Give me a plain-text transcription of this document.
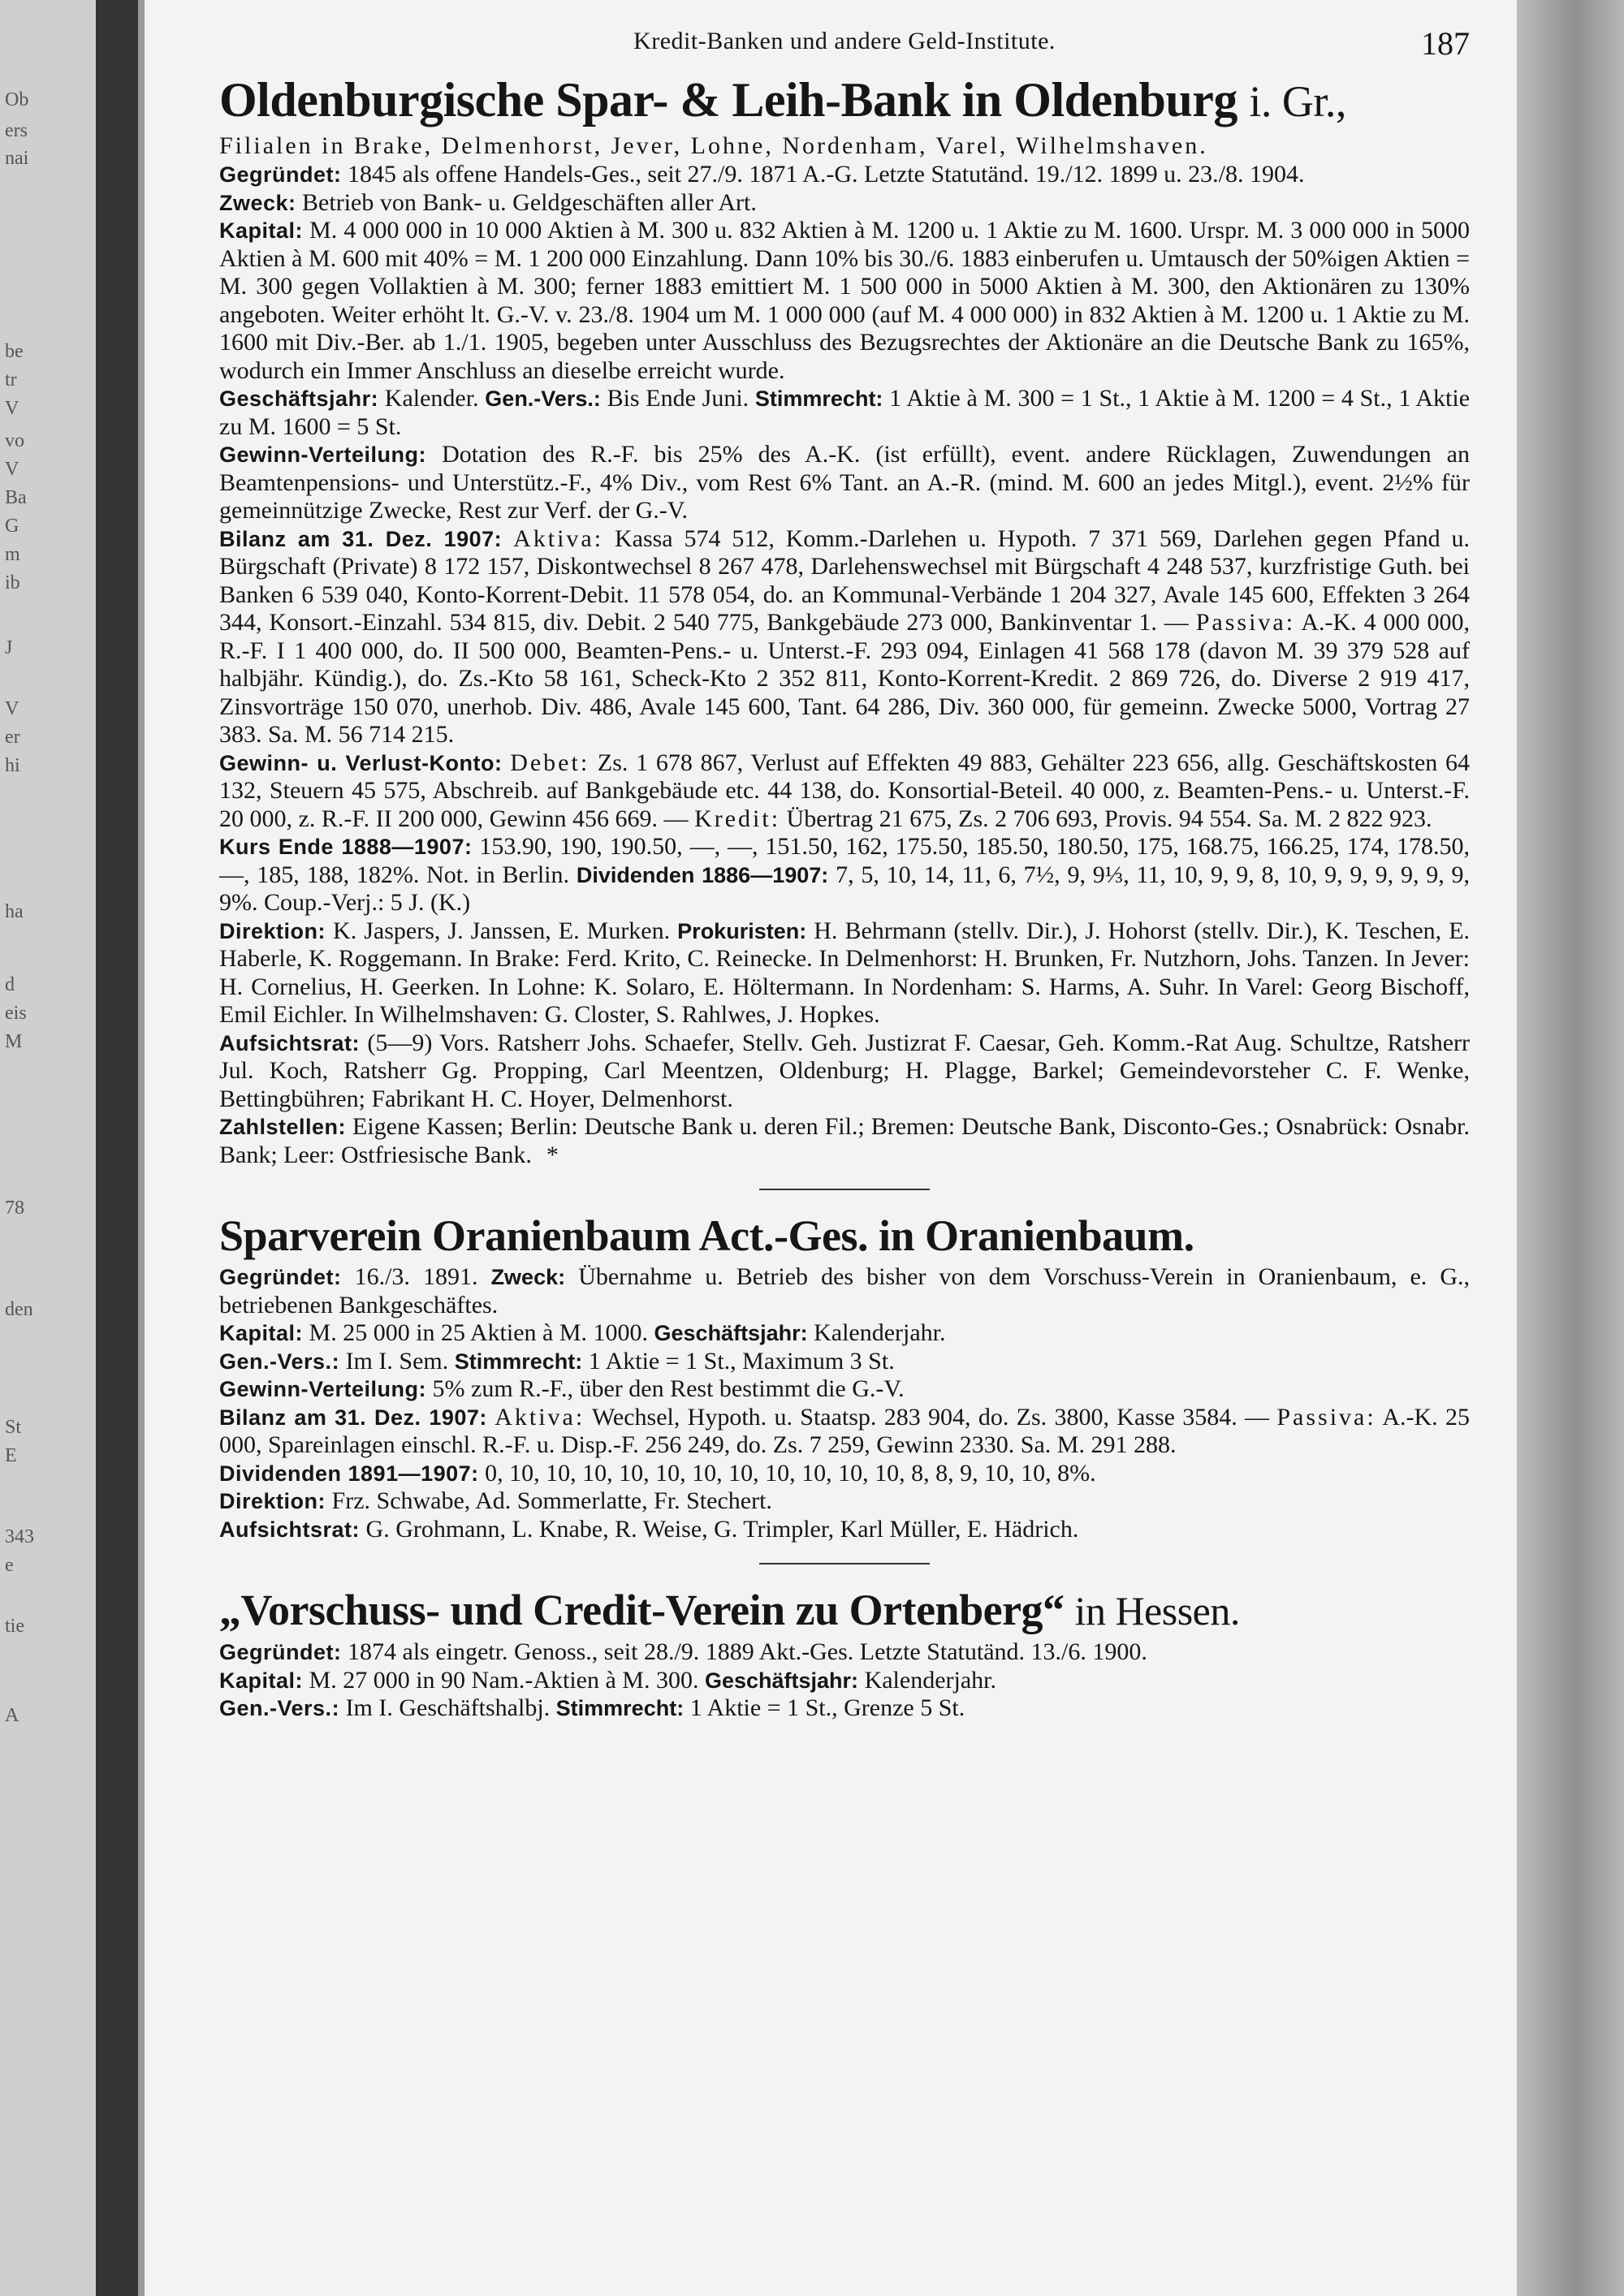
Ob
ers
nai
be
tr
V
vo
V
Ba
G
m
ib
J
V
er
hi
ha
d
eis
M
78
den
St
E
343
e
tie
A
Kredit-Banken und andere Geld-Institute.	187
Oldenburgische Spar- & Leih-Bank in Oldenburg i. Gr.,
Filialen in Brake, Delmenhorst, Jever, Lohne, Nordenham, Varel, Wilhelmshaven.

Gegründet: 1845 als offene Handels-Ges., seit 27./9. 1871 A.-G. Letzte Statutänd. 19./12. 1899 u. 23./8. 1904.

Zweck: Betrieb von Bank- u. Geldgeschäften aller Art.

Kapital: M. 4 000 000 in 10 000 Aktien à M. 300 u. 832 Aktien à M. 1200 u. 1 Aktie zu M. 1600. Urspr. M. 3 000 000 in 5000 Aktien à M. 600 mit 40% = M. 1 200 000 Einzahlung. Dann 10% bis 30./6. 1883 einberufen u. Umtausch der 50%igen Aktien = M. 300 gegen Vollaktien à M. 300; ferner 1883 emittiert M. 1 500 000 in 5000 Aktien à M. 300, den Aktionären zu 130% angeboten. Weiter erhöht lt. G.-V. v. 23./8. 1904 um M. 1 000 000 (auf M. 4 000 000) in 832 Aktien à M. 1200 u. 1 Aktie zu M. 1600 mit Div.-Ber. ab 1./1. 1905, begeben unter Ausschluss des Bezugsrechtes der Aktionäre an die Deutsche Bank zu 165%, wodurch ein Immer Anschluss an dieselbe erreicht wurde.

Geschäftsjahr: Kalender. Gen.-Vers.: Bis Ende Juni. Stimmrecht: 1 Aktie à M. 300 = 1 St., 1 Aktie à M. 1200 = 4 St., 1 Aktie zu M. 1600 = 5 St.

Gewinn-Verteilung: Dotation des R.-F. bis 25% des A.-K. (ist erfüllt), event. andere Rücklagen, Zuwendungen an Beamtenpensions- und Unterstütz.-F., 4% Div., vom Rest 6% Tant. an A.-R. (mind. M. 600 an jedes Mitgl.), event. 2½% für gemeinnützige Zwecke, Rest zur Verf. der G.-V.

Bilanz am 31. Dez. 1907: Aktiva: Kassa 574 512, Komm.-Darlehen u. Hypoth. 7 371 569, Darlehen gegen Pfand u. Bürgschaft (Private) 8 172 157, Diskontwechsel 8 267 478, Darlehenswechsel mit Bürgschaft 4 248 537, kurzfristige Guth. bei Banken 6 539 040, Konto-Korrent-Debit. 11 578 054, do. an Kommunal-Verbände 1 204 327, Avale 145 600, Effekten 3 264 344, Konsort.-Einzahl. 534 815, div. Debit. 2 540 775, Bankgebäude 273 000, Bankinventar 1. — Passiva: A.-K. 4 000 000, R.-F. I 1 400 000, do. II 500 000, Beamten-Pens.- u. Unterst.-F. 293 094, Einlagen 41 568 178 (davon M. 39 379 528 auf halbjähr. Kündig.), do. Zs.-Kto 58 161, Scheck-Kto 2 352 811, Konto-Korrent-Kredit. 2 869 726, do. Diverse 2 919 417, Zinsvorträge 150 070, unerhob. Div. 486, Avale 145 600, Tant. 64 286, Div. 360 000, für gemeinn. Zwecke 5000, Vortrag 27 383. Sa. M. 56 714 215.

Gewinn- u. Verlust-Konto: Debet: Zs. 1 678 867, Verlust auf Effekten 49 883, Gehälter 223 656, allg. Geschäftskosten 64 132, Steuern 45 575, Abschreib. auf Bankgebäude etc. 44 138, do. Konsortial-Beteil. 40 000, z. Beamten-Pens.- u. Unterst.-F. 20 000, z. R.-F. II 200 000, Gewinn 456 669. — Kredit: Übertrag 21 675, Zs. 2 706 693, Provis. 94 554. Sa. M. 2 822 923.

Kurs Ende 1888—1907: 153.90, 190, 190.50, —, —, 151.50, 162, 175.50, 185.50, 180.50, 175, 168.75, 166.25, 174, 178.50, —, 185, 188, 182%. Not. in Berlin. Dividenden 1886—1907: 7, 5, 10, 14, 11, 6, 7½, 9, 9⅓, 11, 10, 9, 9, 8, 10, 9, 9, 9, 9, 9, 9, 9%. Coup.-Verj.: 5 J. (K.)

Direktion: K. Jaspers, J. Janssen, E. Murken. Prokuristen: H. Behrmann (stellv. Dir.), J. Hohorst (stellv. Dir.), K. Teschen, E. Haberle, K. Roggemann. In Brake: Ferd. Krito, C. Reinecke. In Delmenhorst: H. Brunken, Fr. Nutzhorn, Johs. Tanzen. In Jever: H. Cornelius, H. Geerken. In Lohne: K. Solaro, E. Höltermann. In Nordenham: S. Harms, A. Suhr. In Varel: Georg Bischoff, Emil Eichler. In Wilhelmshaven: G. Closter, S. Rahlwes, J. Hopkes.

Aufsichtsrat: (5—9) Vors. Ratsherr Johs. Schaefer, Stellv. Geh. Justizrat F. Caesar, Geh. Komm.-Rat Aug. Schultze, Ratsherr Jul. Koch, Ratsherr Gg. Propping, Carl Meentzen, Oldenburg; H. Plagge, Barkel; Gemeindevorsteher C. F. Wenke, Bettingbühren; Fabrikant H. C. Hoyer, Delmenhorst.

Zahlstellen: Eigene Kassen; Berlin: Deutsche Bank u. deren Fil.; Bremen: Deutsche Bank, Disconto-Ges.; Osnabrück: Osnabr. Bank; Leer: Ostfriesische Bank. *

Sparverein Oranienbaum Act.-Ges. in Oranienbaum.

Gegründet: 16./3. 1891. Zweck: Übernahme u. Betrieb des bisher von dem Vorschuss-Verein in Oranienbaum, e. G., betriebenen Bankgeschäftes.

Kapital: M. 25 000 in 25 Aktien à M. 1000. Geschäftsjahr: Kalenderjahr.

Gen.-Vers.: Im I. Sem. Stimmrecht: 1 Aktie = 1 St., Maximum 3 St.

Gewinn-Verteilung: 5% zum R.-F., über den Rest bestimmt die G.-V.

Bilanz am 31. Dez. 1907: Aktiva: Wechsel, Hypoth. u. Staatsp. 283 904, do. Zs. 3800, Kasse 3584. — Passiva: A.-K. 25 000, Spareinlagen einschl. R.-F. u. Disp.-F. 256 249, do. Zs. 7 259, Gewinn 2330. Sa. M. 291 288.

Dividenden 1891—1907: 0, 10, 10, 10, 10, 10, 10, 10, 10, 10, 10, 10, 8, 8, 9, 10, 10, 8%.

Direktion: Frz. Schwabe, Ad. Sommerlatte, Fr. Stechert.

Aufsichtsrat: G. Grohmann, L. Knabe, R. Weise, G. Trimpler, Karl Müller, E. Hädrich.

„Vorschuss- und Credit-Verein zu Ortenberg“ in Hessen.

Gegründet: 1874 als eingetr. Genoss., seit 28./9. 1889 Akt.-Ges. Letzte Statutänd. 13./6. 1900.

Kapital: M. 27 000 in 90 Nam.-Aktien à M. 300. Geschäftsjahr: Kalenderjahr.

Gen.-Vers.: Im I. Geschäftshalbj. Stimmrecht: 1 Aktie = 1 St., Grenze 5 St.
